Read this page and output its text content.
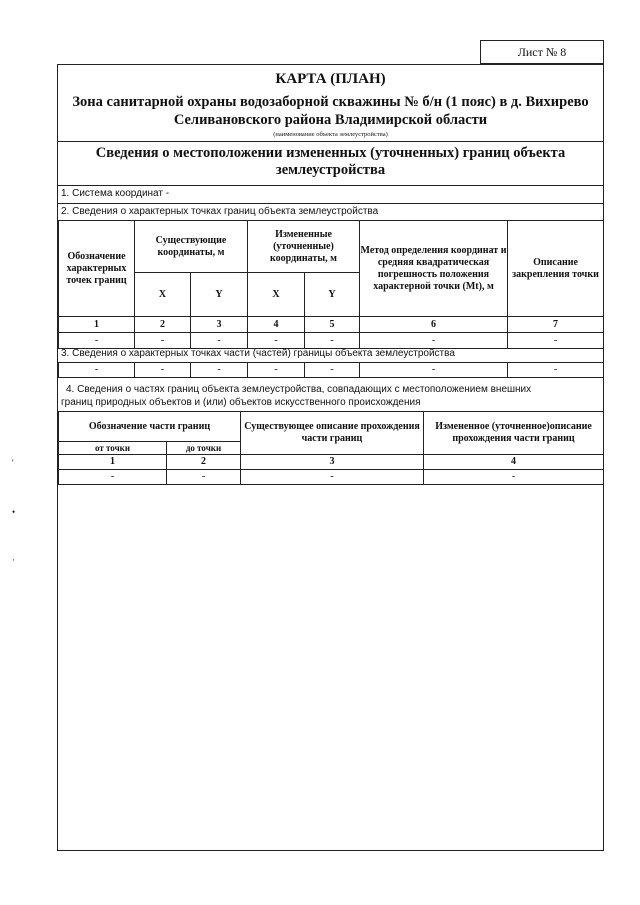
Лист № 8
'
•
·
КАРТА (ПЛАН)
Зона санитарной охраны водозаборной скважины № б/н (1 пояс) в д. Вихирево
Селивановского района Владимирской области
(наименование объекта землеустройства)
Сведения о местоположении измененных (уточненных) границ объекта
землеустройства
1. Система координат -
2. Сведения о характерных точках границ объекта землеустройства
Обозначение характерных точек границ	Существующие координаты, м		Измененные (уточненные) координаты, м		Метод определения координат и средняя квадратическая погрешность положения характерной точки (Mt), м	Описание закрепления точки
	X	Y	X	Y		
1	2	3	4	5	6	7
-	-	-	-	-	-	-
3. Сведения о характерных точках части (частей) границы объекта землеустройства
-	-	-	-	-	-	-
4. Сведения о частях границ объекта землеустройства, совпадающих с местоположением внешних
границ природных объектов и (или) объектов искусственного происхождения
Обозначение части границ		Существующее описание прохождения части границ	Измененное (уточненное)описание прохождения части границ
от точки	до точки		
1	2	3	4
-	-	-	-
